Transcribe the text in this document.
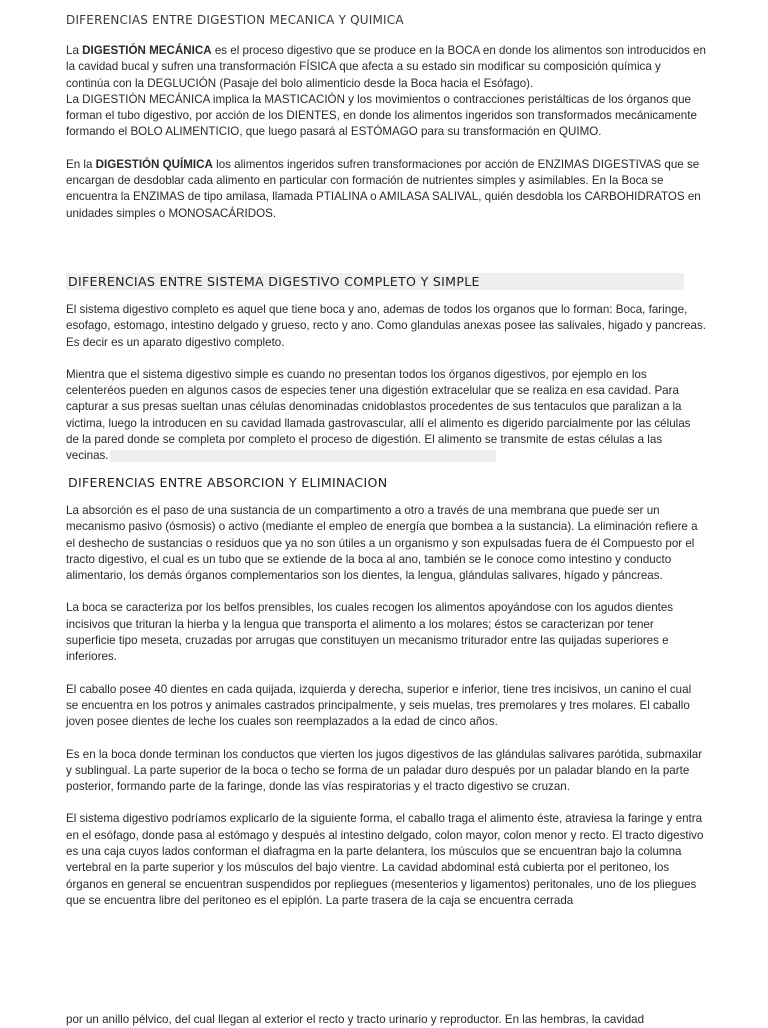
DIFERENCIAS ENTRE DIGESTION MECANICA Y QUIMICA

La DIGESTIÓN MECÁNICA es el proceso digestivo que se produce en la BOCA en donde los alimentos son introducidos en la cavidad bucal y sufren una transformación FÍSICA que afecta a su estado sin modificar su composición química y continúa con la DEGLUCIÓN (Pasaje del bolo alimenticio desde la Boca hacia el Esófago).

La DIGESTIÓN MECÁNICA implica la MASTICACIÓN y los movimientos o contracciones peristálticas de los órganos que forman el tubo digestivo, por acción de los DIENTES, en donde los alimentos ingeridos son transformados mecánicamente formando el BOLO ALIMENTICIO, que luego pasará al ESTÓMAGO para su transformación en QUIMO.

En la DIGESTIÓN QUÍMICA los alimentos ingeridos sufren transformaciones por acción de ENZIMAS DIGESTIVAS que se encargan de desdoblar cada alimento en particular con formación de nutrientes simples y asimilables. En la Boca se encuentra la ENZIMAS de tipo amilasa, llamada PTIALINA o AMILASA SALIVAL, quién desdobla los CARBOHIDRATOS en unidades simples o MONOSACÁRIDOS.

DIFERENCIAS ENTRE SISTEMA DIGESTIVO COMPLETO Y SIMPLE

El sistema digestivo completo es aquel que tiene boca y ano, ademas de todos los organos que lo forman: Boca, faringe, esofago, estomago, intestino delgado y grueso, recto y ano. Como glandulas anexas posee las salivales, higado y pancreas. Es decir es un aparato digestivo completo.

Mientra que el sistema digestivo simple es cuando no presentan todos los órganos digestivos, por ejemplo en los celenteréos pueden en algunos casos de especies tener una digestión extracelular que se realiza en esa cavidad. Para capturar a sus presas sueltan unas células denominadas cnidoblastos procedentes de sus tentaculos que paralizan a la victima, luego la introducen en su cavidad llamada gastrovascular, allí el alimento es digerido parcialmente por las células de la pared donde se completa por completo el proceso de digestión. El alimento se transmite de estas células a las vecinas.

DIFERENCIAS ENTRE ABSORCION Y ELIMINACION

La absorción es el paso de una sustancia de un compartimento a otro a través de una membrana que puede ser un mecanismo pasivo (ósmosis) o activo (mediante el empleo de energía que bombea a la sustancia). La eliminación refiere a el deshecho de sustancias o residuos que ya no son útiles a un organismo y son expulsadas fuera de él Compuesto por el tracto digestivo, el cual es un tubo que se extiende de la boca al ano, también se le conoce como intestino y conducto alimentario, los demás órganos complementarios son los dientes, la lengua, glándulas salivares, hígado y páncreas.

La boca se caracteriza por los belfos prensibles, los cuales recogen los alimentos apoyándose con los agudos dientes incisivos que trituran la hierba y la lengua que transporta el alimento a los molares; éstos se caracterizan por tener superficie tipo meseta, cruzadas por arrugas que constituyen un mecanismo triturador entre las quijadas superiores e inferiores.

El caballo posee 40 dientes en cada quijada, izquierda y derecha, superior e inferior, tiene tres incisivos, un canino el cual se encuentra en los potros y animales castrados principalmente, y seis muelas, tres premolares y tres molares. El caballo joven posee dientes de leche los cuales son reemplazados a la edad de cinco años.

Es en la boca donde terminan los conductos que vierten los jugos digestivos de las glándulas salivares parótida, submaxilar y sublingual. La parte superior de la boca o techo se forma de un paladar duro después por un paladar blando en la parte posterior, formando parte de la faringe, donde las vías respiratorias y el tracto digestivo se cruzan.

El sistema digestivo podríamos explicarlo de la siguiente forma, el caballo traga el alimento éste, atraviesa la faringe y entra en el esófago, donde pasa al estómago y después al intestino delgado, colon mayor, colon menor y recto. El tracto digestivo es una caja cuyos lados conforman el diafragma en la parte delantera, los músculos que se encuentran bajo la columna vertebral en la parte superior y los músculos del bajo vientre. La cavidad abdominal está cubierta por el peritoneo, los órganos en general se encuentran suspendidos por repliegues (mesenterios y ligamentos) peritonales, uno de los pliegues que se encuentra libre del peritoneo es el epiplón. La parte trasera de la caja se encuentra cerrada

por un anillo pélvico, del cual llegan al exterior el recto y tracto urinario y reproductor. En las hembras, la cavidad
